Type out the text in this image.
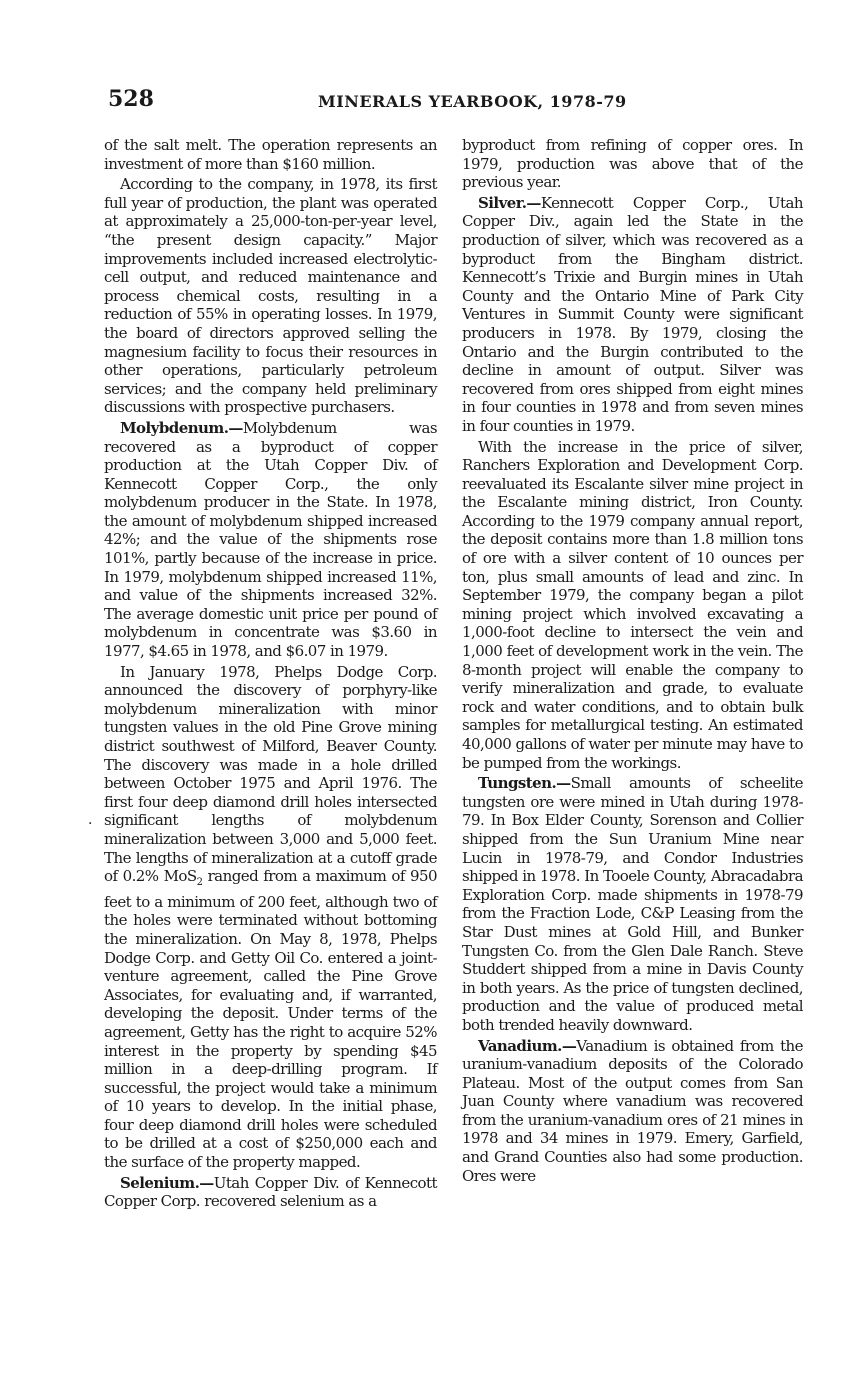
528	MINERALS YEARBOOK, 1978-79
·

of the salt melt. The operation represents an investment of more than $160 million.

According to the company, in 1978, its first full year of production, the plant was operated at approximately a 25,000-ton-per-year level, “the present design capacity.” Major improvements included increased electrolytic-cell output, and reduced maintenance and process chemical costs, resulting in a reduction of 55% in operating losses. In 1979, the board of directors approved selling the magnesium facility to focus their resources in other operations, particularly petroleum services; and the company held preliminary discussions with prospective purchasers.

Molybdenum.—Molybdenum was recovered as a byproduct of copper production at the Utah Copper Div. of Kennecott Copper Corp., the only molybdenum producer in the State. In 1978, the amount of molybdenum shipped increased 42%; and the value of the shipments rose 101%, partly because of the increase in price. In 1979, molybdenum shipped increased 11%, and value of the shipments increased 32%. The average domestic unit price per pound of molybdenum in concentrate was $3.60 in 1977, $4.65 in 1978, and $6.07 in 1979.

In January 1978, Phelps Dodge Corp. announced the discovery of porphyry-like molybdenum mineralization with minor tungsten values in the old Pine Grove mining district southwest of Milford, Beaver County. The discovery was made in a hole drilled between October 1975 and April 1976. The first four deep diamond drill holes intersected significant lengths of molybdenum mineralization between 3,000 and 5,000 feet. The lengths of mineralization at a cutoff grade of 0.2% MoS$_2$ ranged from a maximum of 950 feet to a minimum of 200 feet, although two of the holes were terminated without bottoming the mineralization. On May 8, 1978, Phelps Dodge Corp. and Getty Oil Co. entered a joint-venture agreement, called the Pine Grove Associates, for evaluating and, if warranted, developing the deposit. Under terms of the agreement, Getty has the right to acquire 52% interest in the property by spending $45 million in a deep-drilling program. If successful, the project would take a minimum of 10 years to develop. In the initial phase, four deep diamond drill holes were scheduled to be drilled at a cost of $250,000 each and the surface of the property mapped.

Selenium.—Utah Copper Div. of Kennecott Copper Corp. recovered selenium as a

byproduct from refining of copper ores. In 1979, production was above that of the previous year.

Silver.—Kennecott Copper Corp., Utah Copper Div., again led the State in the production of silver, which was recovered as a byproduct from the Bingham district. Kennecott’s Trixie and Burgin mines in Utah County and the Ontario Mine of Park City Ventures in Summit County were significant producers in 1978. By 1979, closing the Ontario and the Burgin contributed to the decline in amount of output. Silver was recovered from ores shipped from eight mines in four counties in 1978 and from seven mines in four counties in 1979.

With the increase in the price of silver, Ranchers Exploration and Development Corp. reevaluated its Escalante silver mine project in the Escalante mining district, Iron County. According to the 1979 company annual report, the deposit contains more than 1.8 million tons of ore with a silver content of 10 ounces per ton, plus small amounts of lead and zinc. In September 1979, the company began a pilot mining project which involved excavating a 1,000-foot decline to intersect the vein and 1,000 feet of development work in the vein. The 8-month project will enable the company to verify mineralization and grade, to evaluate rock and water conditions, and to obtain bulk samples for metallurgical testing. An estimated 40,000 gallons of water per minute may have to be pumped from the workings.

Tungsten.—Small amounts of scheelite tungsten ore were mined in Utah during 1978-79. In Box Elder County, Sorenson and Collier shipped from the Sun Uranium Mine near Lucin in 1978-79, and Condor Industries shipped in 1978. In Tooele County, Abracadabra Exploration Corp. made shipments in 1978-79 from the Fraction Lode, C&P Leasing from the Star Dust mines at Gold Hill, and Bunker Tungsten Co. from the Glen Dale Ranch. Steve Studdert shipped from a mine in Davis County in both years. As the price of tungsten declined, production and the value of produced metal both trended heavily downward.

Vanadium.—Vanadium is obtained from the uranium-vanadium deposits of the Colorado Plateau. Most of the output comes from San Juan County where vanadium was recovered from the uranium-vanadium ores of 21 mines in 1978 and 34 mines in 1979. Emery, Garfield, and Grand Counties also had some production. Ores were
